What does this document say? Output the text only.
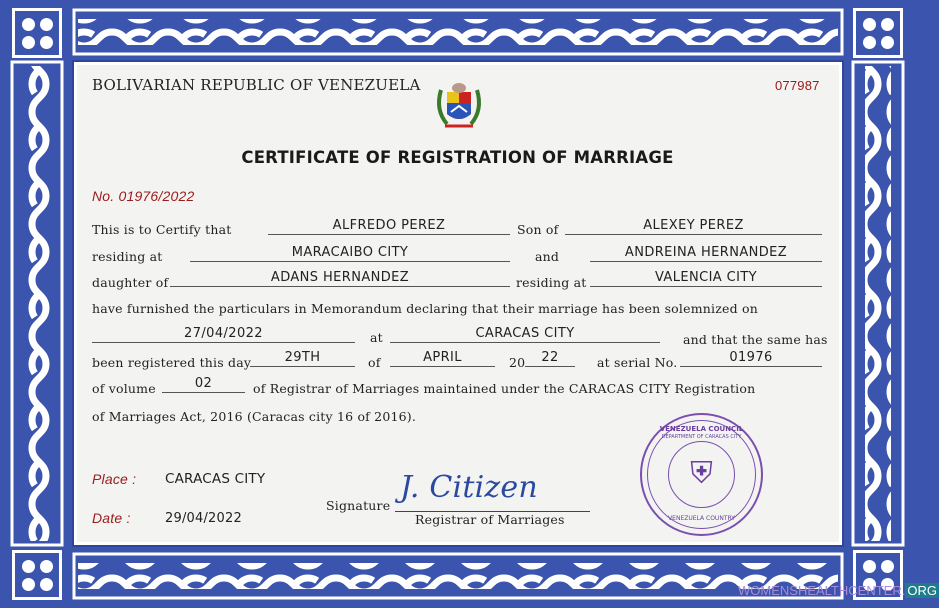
BOLIVARIAN REPUBLIC OF VENEZUELA	077987
CERTIFICATE OF REGISTRATION OF MARRIAGE
No. 01976/2022
This is to Certify that	ALFREDO PEREZ	Son of	ALEXEY PEREZ
residing at	MARACAIBO CITY	and	ANDREINA HERNANDEZ
daughter of	ADANS HERNANDEZ	residing at	VALENCIA CITY
have furnished the particulars in Memorandum declaring that their marriage has been solemnized on
27/04/2022	at	CARACAS CITY	and that the same has
been registered this day	29TH	of	APRIL	20	22	at serial No.	01976
of volume	02	of Registrar of Marriages maintained under the CARACAS CITY Registration
of Marriages Act, 2016 (Caracas city 16 of 2016).
Place : CARACAS CITY
Date :	29/04/2022
Signature
J. Citizen
Registrar of Marriages
⛨
VENEZUELA COUNCIL
DEPARTMENT OF CARACAS CITY
VENEZUELA COUNTRY
WOMENSHEALTHCENTER. ORG
